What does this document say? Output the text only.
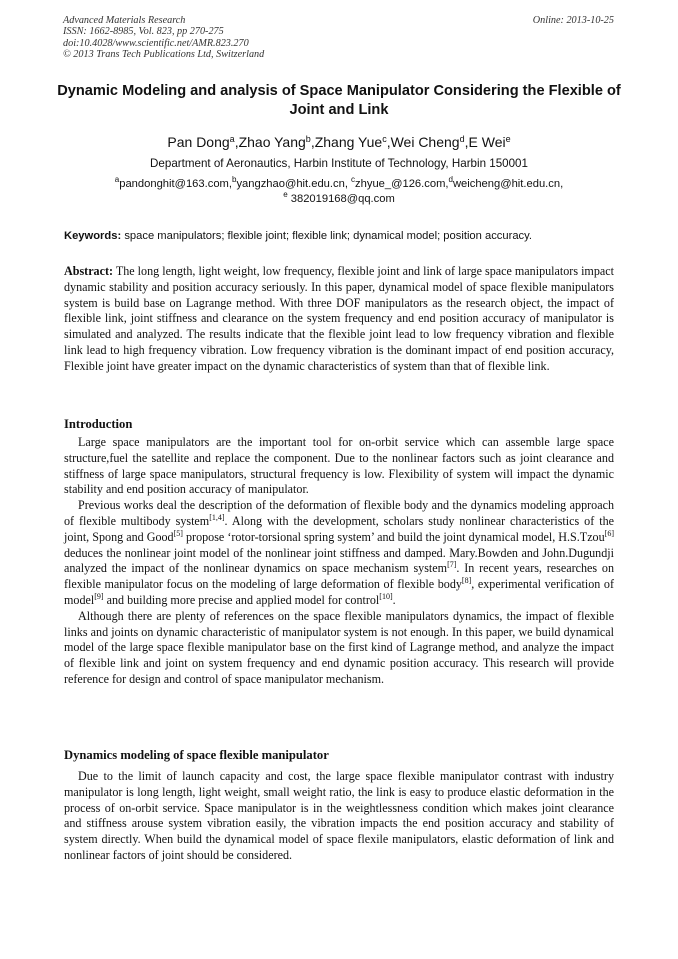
Advanced Materials Research
ISSN: 1662-8985, Vol. 823, pp 270-275
doi:10.4028/www.scientific.net/AMR.823.270
© 2013 Trans Tech Publications Ltd, Switzerland
Online: 2013-10-25
Dynamic Modeling and analysis of Space Manipulator Considering the Flexible of Joint and Link
Pan Dong$^a$,Zhao Yang$^b$,Zhang Yue$^c$,Wei Cheng$^d$,E Wei$^e$
Department of Aeronautics, Harbin Institute of Technology, Harbin 150001
$^a$pandonghit@163.com,$^b$yangzhao@hit.edu.cn, $^c$zhyue_@126.com,$^d$weicheng@hit.edu.cn,
$^e$ 382019168@qq.com
Keywords: space manipulators; flexible joint; flexible link; dynamical model; position accuracy.
Abstract: The long length, light weight, low frequency, flexible joint and link of large space manipulators impact dynamic stability and position accuracy seriously. In this paper, dynamical model of space flexible manipulators system is build base on Lagrange method. With three DOF manipulators as the research object, the impact of flexible link, joint stiffness and clearance on the system frequency and end position accuracy of manipulator is simulated and analyzed. The results indicate that the flexible joint lead to low frequency vibration and flexible link lead to high frequency vibration. Low frequency vibration is the dominant impact of end position accuracy, Flexible joint have greater impact on the dynamic characteristics of system than that of flexible link.
Introduction

Large space manipulators are the important tool for on-orbit service which can assemble large space structure,fuel the satellite and replace the component. Due to the nonlinear factors such as joint clearance and stiffness of large space manipulators, structural frequency is low. Flexibility of system will impact the dynamic stability and end position accuracy of manipulator.

Previous works deal the description of the deformation of flexible body and the dynamics modeling approach of flexible multibody system[1,4]. Along with the development, scholars study nonlinear characteristics of the joint, Spong and Good[5] propose ‘rotor-torsional spring system’ and build the joint dynamical model, H.S.Tzou[6] deduces the nonlinear joint model of the nonlinear joint stiffness and damped. Mary.Bowden and John.Dugundji analyzed the impact of the nonlinear dynamics on space mechanism system[7]. In recent years, researches on flexible manipulator focus on the modeling of large deformation of flexible body[8], experimental verification of model[9] and building more precise and applied model for control[10].

Although there are plenty of references on the space flexible manipulators dynamics, the impact of flexible links and joints on dynamic characteristic of manipulator system is not enough. In this paper, we build dynamical model of the large space flexible manipulator base on the first kind of Lagrange method, and analyze the impact of flexible link and joint on system frequency and end dynamic position accuracy. This research will provide reference for design and control of space manipulator mechanism.

Dynamics modeling of space flexible manipulator

Due to the limit of launch capacity and cost, the large space flexible manipulator contrast with industry manipulator is long length, light weight, small weight ratio, the link is easy to produce elastic deformation in the process of on-orbit service. Space manipulator is in the weightlessness condition which makes joint clearance and stiffness arouse system vibration easily, the vibration impacts the end position accuracy and stability of system directly. When build the dynamical model of space flexile manipulators, elastic deformation of link and nonlinear factors of joint should be considered.
